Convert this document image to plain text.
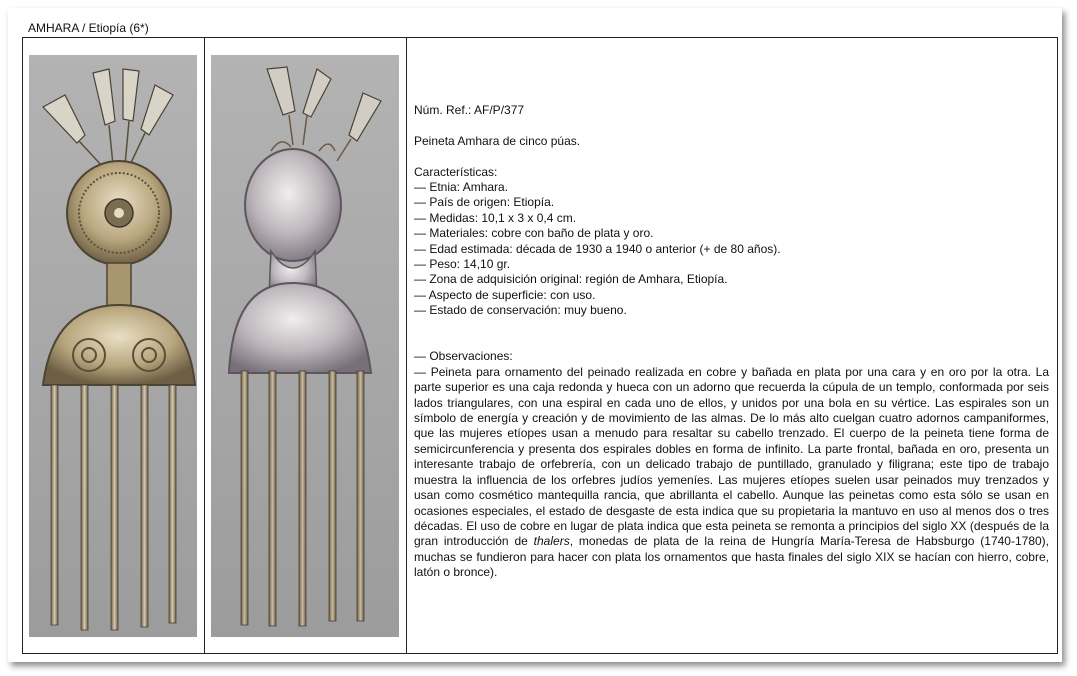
AMHARA / Etiopía (6*)

Núm. Ref.: AF/P/377

Peineta Amhara de cinco púas.

Características:

— Etnia: Amhara.

— País de origen: Etiopía.

— Medidas: 10,1 x 3 x 0,4 cm.

— Materiales: cobre con baño de plata y oro.

— Edad estimada: década de 1930 a 1940 o anterior (+ de 80 años).

— Peso: 14,10 gr.

— Zona de adquisición original: región de Amhara, Etiopía.

— Aspecto de superficie: con uso.

— Estado de conservación: muy bueno.

— Observaciones:

— Peineta para ornamento del peinado realizada en cobre y bañada en plata por una cara y en oro por la otra. La parte superior es una caja redonda y hueca con un adorno que recuerda la cúpula de un templo, conformada por seis lados triangulares, con una espiral en cada uno de ellos, y unidos por una bola en su vértice. Las espirales son un símbolo de energía y creación y de movimiento de las almas. De lo más alto cuelgan cuatro adornos campaniformes, que las mujeres etíopes usan a menudo para resaltar su cabello trenzado. El cuerpo de la peineta tiene forma de semicircunferencia y presenta dos espirales dobles en forma de infinito. La parte frontal, bañada en oro, presenta un interesante trabajo de orfebrería, con un delicado trabajo de puntillado, granulado y filigrana; este tipo de trabajo muestra la influencia de los orfebres judíos yemeníes. Las mujeres etíopes suelen usar peinados muy trenzados y usan como cosmético mantequilla rancia, que abrillanta el cabello. Aunque las peinetas como esta sólo se usan en ocasiones especiales, el estado de desgaste de esta indica que su propietaria la mantuvo en uso al menos dos o tres décadas. El uso de cobre en lugar de plata indica que esta peineta se remonta a principios del siglo XX (después de la gran introducción de thalers, monedas de plata de la reina de Hungría María-Teresa de Habsburgo (1740-1780), muchas se fundieron para hacer con plata los ornamentos que hasta finales del siglo XIX se hacían con hierro, cobre, latón o bronce).
